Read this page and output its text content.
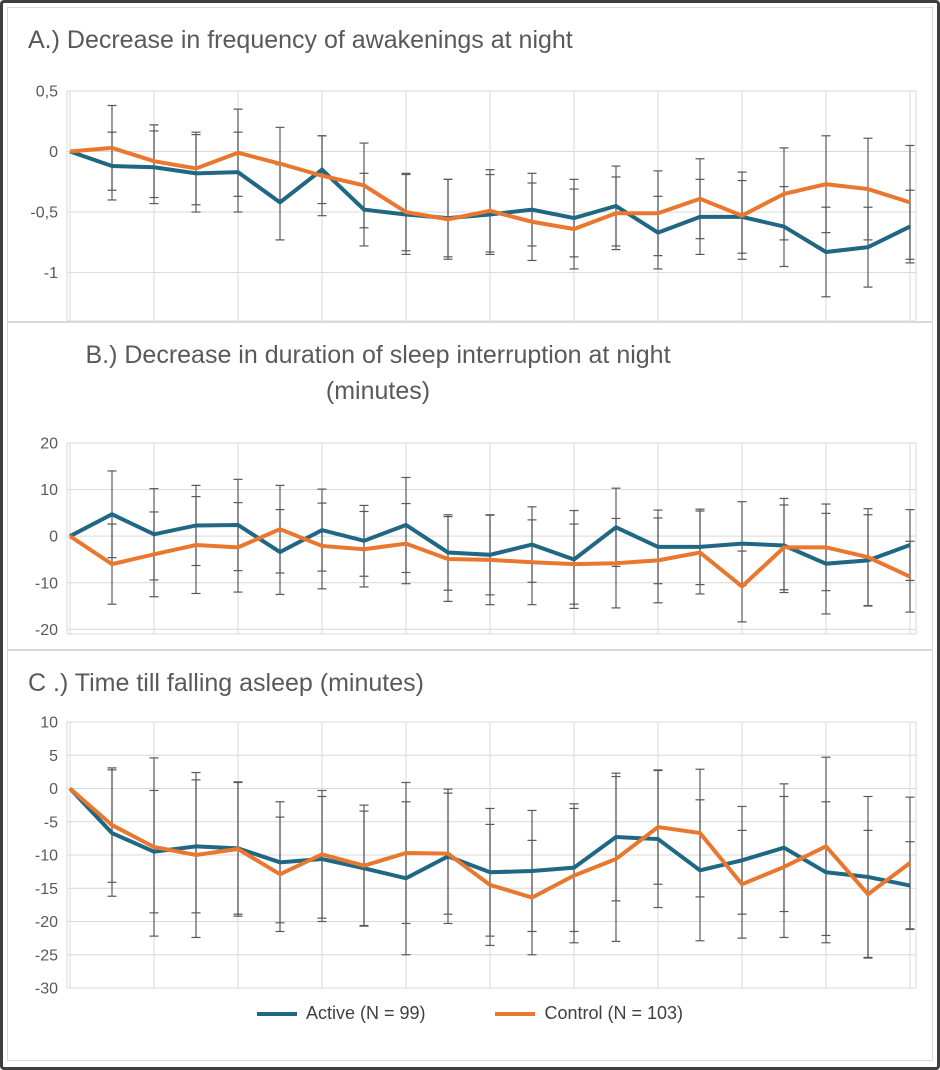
A.) Decrease in frequency of awakenings at night
B.) Decrease in duration of sleep interruption at night
(minutes)
C .) Time till falling asleep (minutes)
Active (N = 99)	Control (N = 103)
0,5
0
-0,5
-1
20
10
0
-10
-20
10
5
0
-5
-10
-15
-20
-25
-30
